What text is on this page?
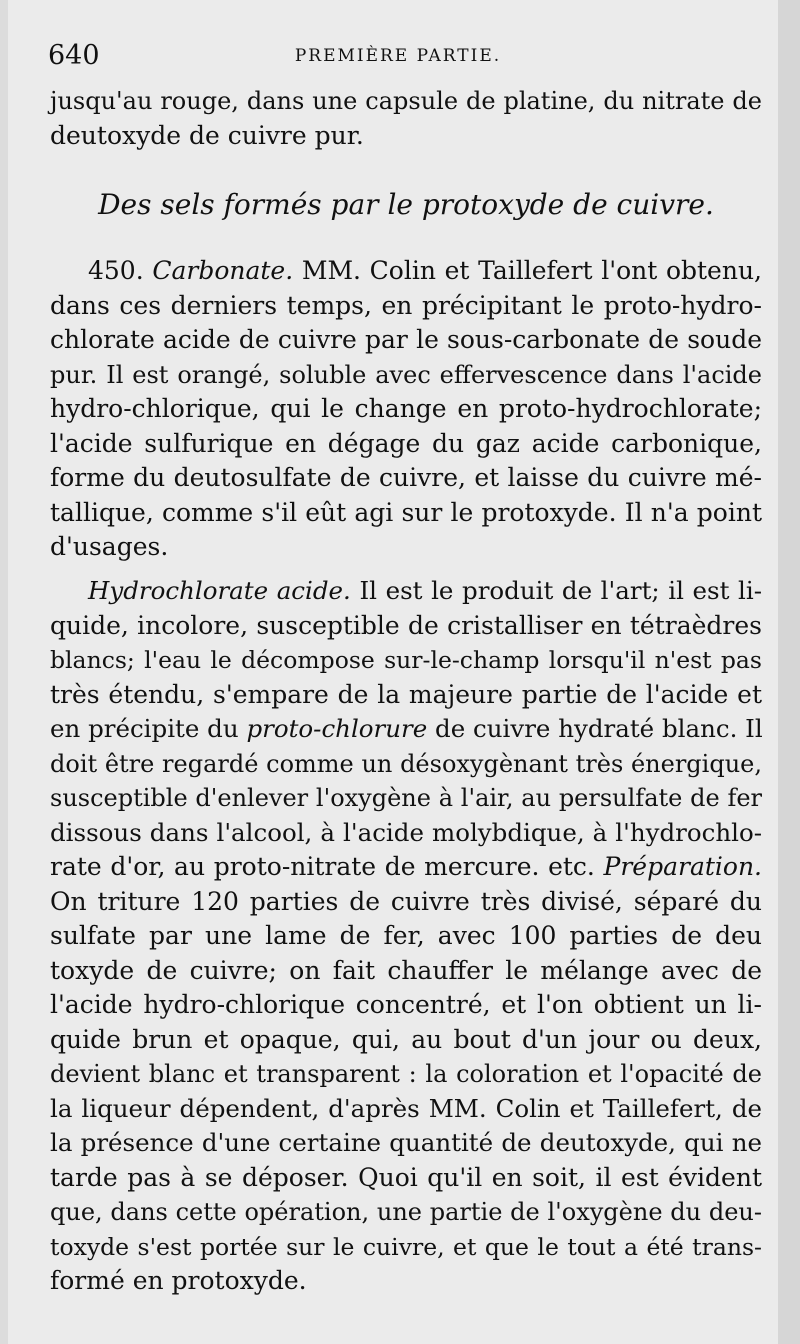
640	PREMIÈRE PARTIE.
jusqu'au rouge, dans une capsule de platine, du nitrate de
deutoxyde de cuivre pur.
Des sels formés par le protoxyde de cuivre.
450. Carbonate. MM. Colin et Taillefert l'ont obtenu,
dans ces derniers temps, en précipitant le proto-hydro-
chlorate acide de cuivre par le sous-carbonate de soude
pur. Il est orangé, soluble avec effervescence dans l'acide
hydro-chlorique, qui le change en proto-hydrochlorate;
l'acide sulfurique en dégage du gaz acide carbonique,
forme du deutosulfate de cuivre, et laisse du cuivre mé-
tallique, comme s'il eût agi sur le protoxyde. Il n'a point
d'usages.
Hydrochlorate acide. Il est le produit de l'art; il est li-
quide, incolore, susceptible de cristalliser en tétraèdres
blancs; l'eau le décompose sur-le-champ lorsqu'il n'est pas
très étendu, s'empare de la majeure partie de l'acide et
en précipite du proto-chlorure de cuivre hydraté blanc. Il
doit être regardé comme un désoxygènant très énergique,
susceptible d'enlever l'oxygène à l'air, au persulfate de fer
dissous dans l'alcool, à l'acide molybdique, à l'hydrochlo-
rate d'or, au proto-nitrate de mercure. etc. Préparation.
On triture 120 parties de cuivre très divisé, séparé du
sulfate par une lame de fer, avec 100 parties de deu
toxyde de cuivre; on fait chauffer le mélange avec de
l'acide hydro-chlorique concentré, et l'on obtient un li-
quide brun et opaque, qui, au bout d'un jour ou deux,
devient blanc et transparent : la coloration et l'opacité de
la liqueur dépendent, d'après MM. Colin et Taillefert, de
la présence d'une certaine quantité de deutoxyde, qui ne
tarde pas à se déposer. Quoi qu'il en soit, il est évident
que, dans cette opération, une partie de l'oxygène du deu-
toxyde s'est portée sur le cuivre, et que le tout a été trans-
formé en protoxyde.
